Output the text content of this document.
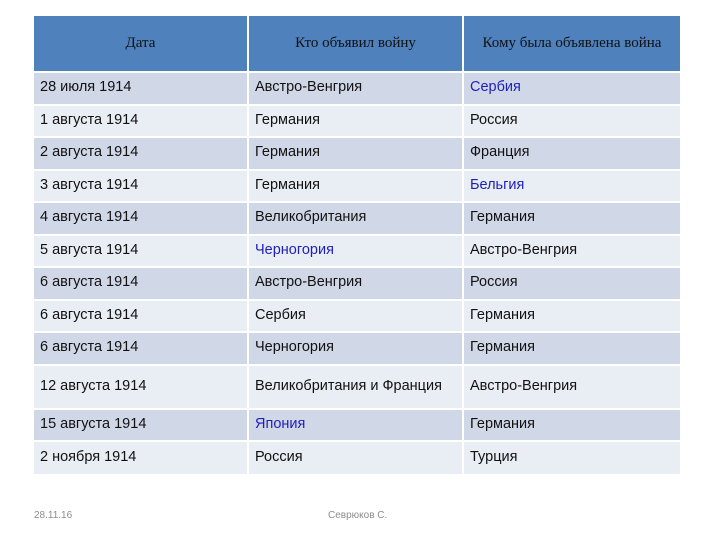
Дата	Кто объявил войну	Кому была объявлена война
28 июля 1914	Австро-Венгрия	Сербия
1 августа 1914	Германия	Россия
2 августа 1914	Германия	Франция
3 августа 1914	Германия	Бельгия
4 августа 1914	Великобритания	Германия
5 августа 1914	Черногория	Австро-Венгрия
6 августа 1914	Австро-Венгрия	Россия
6 августа 1914	Сербия	Германия
6 августа 1914	Черногория	Германия
12 августа 1914	Великобритания и Франция	Австро-Венгрия
15 августа 1914	Япония	Германия
2 ноября 1914	Россия	Турция
28.11.16	Севрюков С.
